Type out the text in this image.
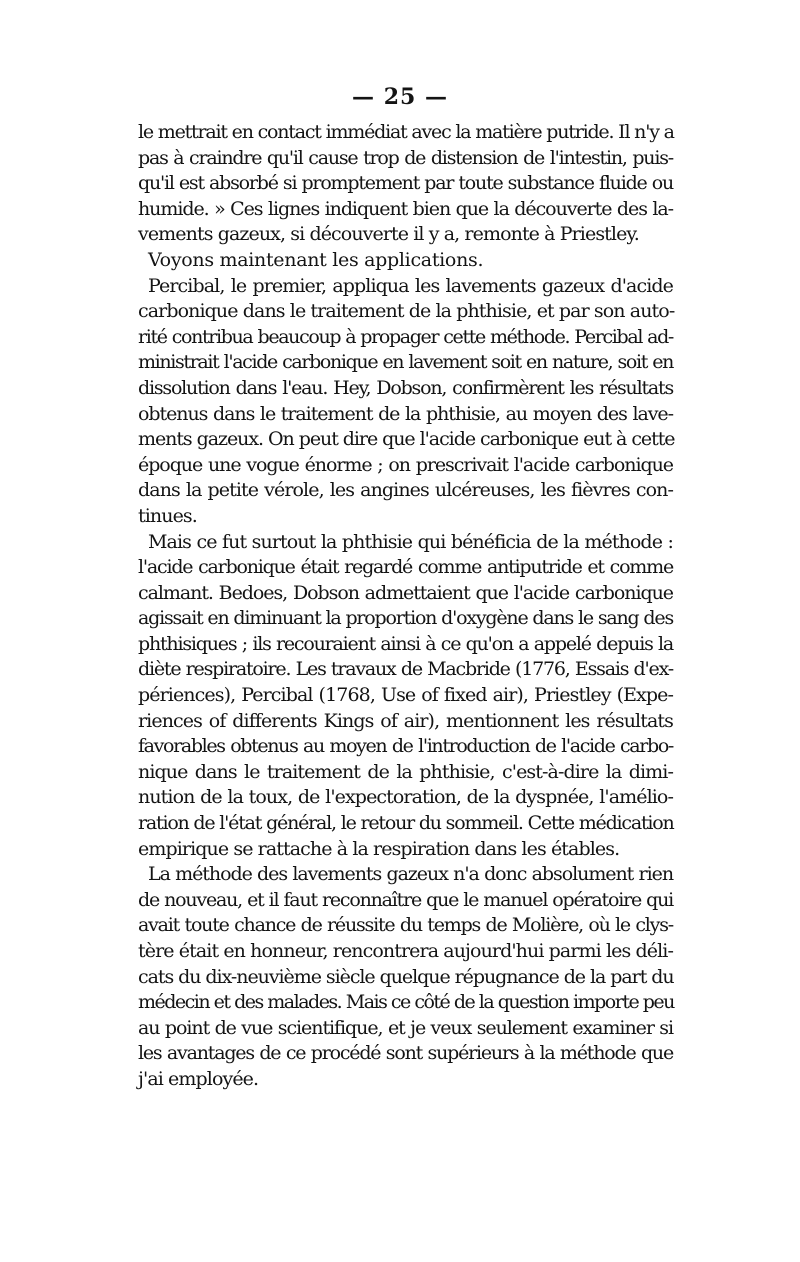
— 25 —
le mettrait en contact immédiat avec la matière putride. Il n'y a
pas à craindre qu'il cause trop de distension de l'intestin, puis-
qu'il est absorbé si promptement par toute substance fluide ou
humide. » Ces lignes indiquent bien que la découverte des la-
vements gazeux, si découverte il y a, remonte à Priestley.
Voyons maintenant les applications.
Percibal, le premier, appliqua les lavements gazeux d'acide
carbonique dans le traitement de la phthisie, et par son auto-
rité contribua beaucoup à propager cette méthode. Percibal ad-
ministrait l'acide carbonique en lavement soit en nature, soit en
dissolution dans l'eau. Hey, Dobson, confirmèrent les résultats
obtenus dans le traitement de la phthisie, au moyen des lave-
ments gazeux. On peut dire que l'acide carbonique eut à cette
époque une vogue énorme ; on prescrivait l'acide carbonique
dans la petite vérole, les angines ulcéreuses, les fièvres con-
tinues.
Mais ce fut surtout la phthisie qui bénéficia de la méthode :
l'acide carbonique était regardé comme antiputride et comme
calmant. Bedoes, Dobson admettaient que l'acide carbonique
agissait en diminuant la proportion d'oxygène dans le sang des
phthisiques ; ils recouraient ainsi à ce qu'on a appelé depuis la
diète respiratoire. Les travaux de Macbride (1776, Essais d'ex-
périences), Percibal (1768, Use of fixed air), Priestley (Expe-
riences of differents Kings of air), mentionnent les résultats
favorables obtenus au moyen de l'introduction de l'acide carbo-
nique dans le traitement de la phthisie, c'est-à-dire la dimi-
nution de la toux, de l'expectoration, de la dyspnée, l'amélio-
ration de l'état général, le retour du sommeil. Cette médication
empirique se rattache à la respiration dans les étables.
La méthode des lavements gazeux n'a donc absolument rien
de nouveau, et il faut reconnaître que le manuel opératoire qui
avait toute chance de réussite du temps de Molière, où le clys-
tère était en honneur, rencontrera aujourd'hui parmi les déli-
cats du dix-neuvième siècle quelque répugnance de la part du
médecin et des malades. Mais ce côté de la question importe peu
au point de vue scientifique, et je veux seulement examiner si
les avantages de ce procédé sont supérieurs à la méthode que
j'ai employée.
